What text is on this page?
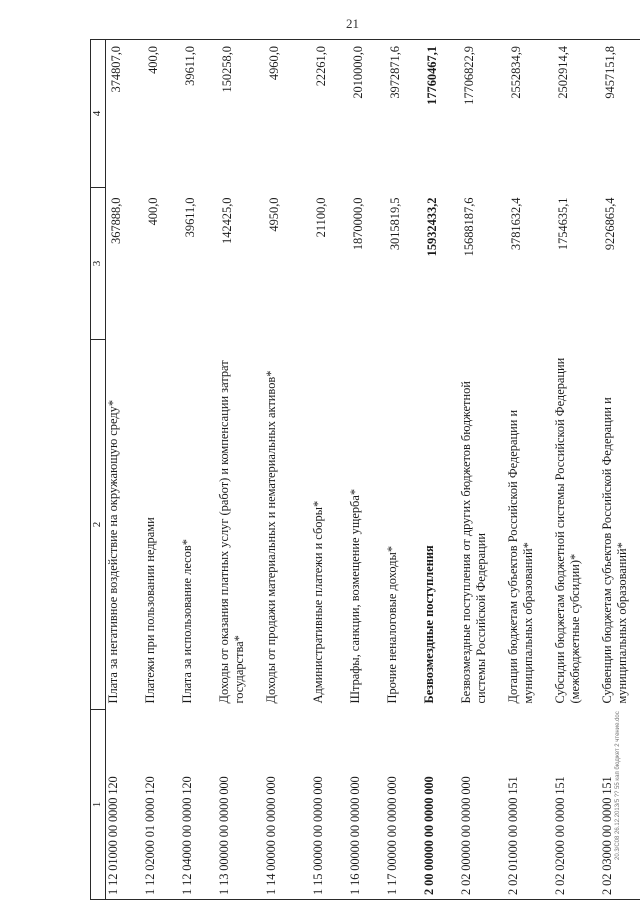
21
1	2	3	4
1 12 01000 00 0000 120	Плата за негативное воздействие на окружающую среду*	367888,0	374807,0
1 12 02000 01 0000 120	Платежи при пользовании недрами	400,0	400,0
1 12 04000 00 0000 120	Плата за использование лесов*	39611,0	39611,0
1 13 00000 00 0000 000	Доходы от оказания платных услуг (работ) и компенсации затрат государства*	142425,0	150258,0
1 14 00000 00 0000 000	Доходы от продажи материальных и нематериальных активов*	4950,0	4960,0
1 15 00000 00 0000 000	Административные платежи и сборы*	21100,0	22261,0
1 16 00000 00 0000 000	Штрафы, санкции, возмещение ущерба*	1870000,0	2010000,0
1 17 00000 00 0000 000	Прочие неналоговые доходы*	3015819,5	3972871,6
2 00 00000 00 0000 000	Безвозмездные поступления	15932433,2	17760467,1
2 02 00000 00 0000 000	Безвозмездные поступления от других бюджетов бюджетной системы Российской Федерации	15688187,6	17706822,9
2 02 01000 00 0000 151	Дотации бюджетам субъектов Российской Федерации и муниципальных образований*	3781632,4	2552834,9
2 02 02000 00 0000 151	Субсидии бюджетам бюджетной системы Российской Федерации (межбюджетные субсидии)*	1754635,1	2502914,4
2 02 03000 00 0000 151	Субвенции бюджетам субъектов Российской Федерации и муниципальных образований*	9226865,4	9457151,8
20.3/С08 26.12.2013/5 ?? 55 кап бюджет 2 чтение.doc
